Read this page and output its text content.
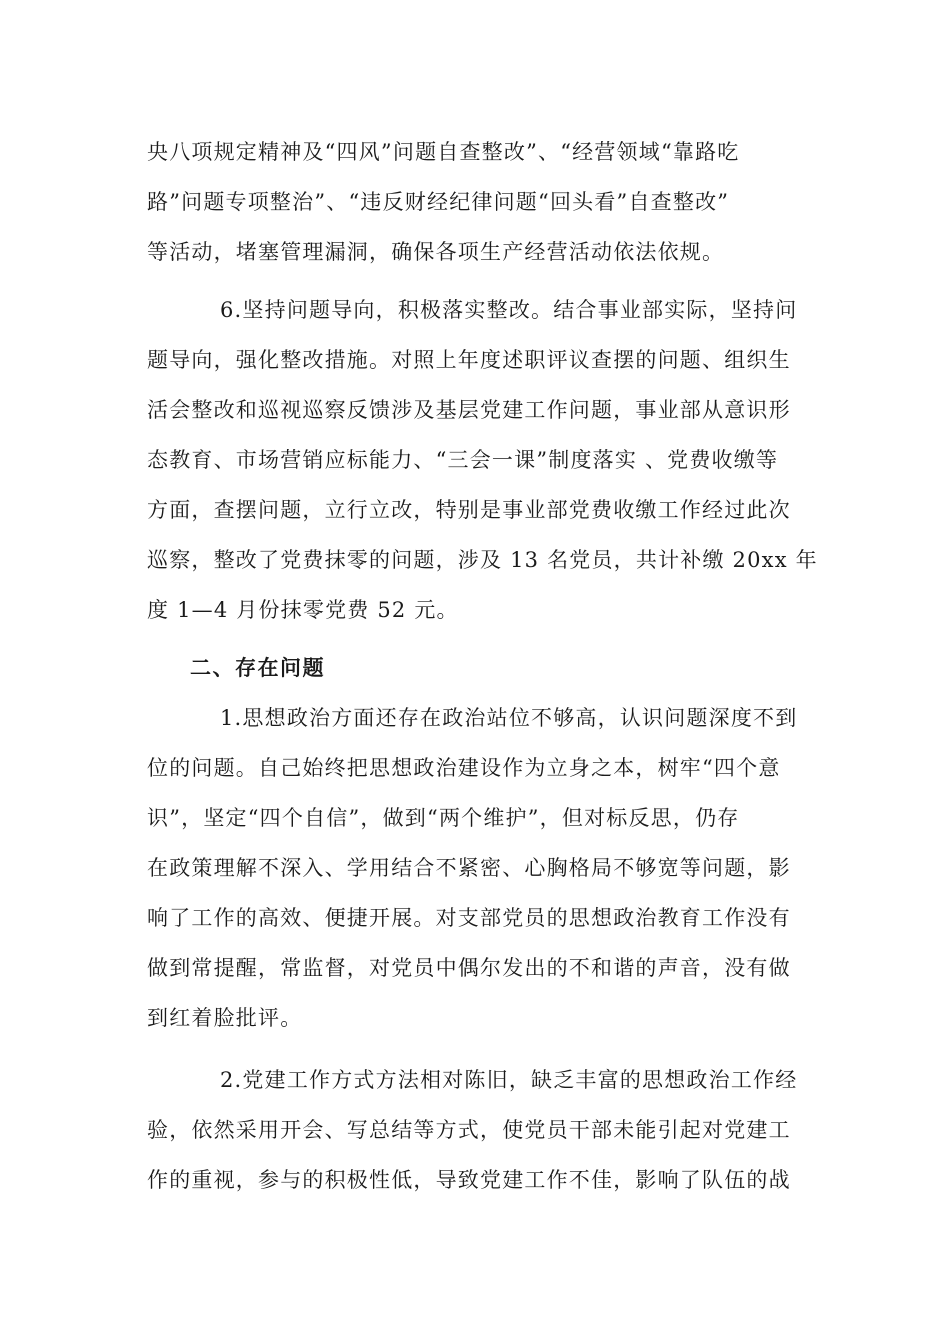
央八项规定精神及“四风”问题自查整改”、“经营领域“靠路吃
路”问题专项整治”、“违反财经纪律问题“回头看”自查整改”
等活动，堵塞管理漏洞，确保各项生产经营活动依法依规。
6.坚持问题导向，积极落实整改。结合事业部实际，坚持问
题导向，强化整改措施。对照上年度述职评议查摆的问题、组织生
活会整改和巡视巡察反馈涉及基层党建工作问题，事业部从意识形
态教育、市场营销应标能力、“三会一课”制度落实 、党费收缴等
方面，查摆问题，立行立改，特别是事业部党费收缴工作经过此次
巡察，整改了党费抹零的问题，涉及 13 名党员，共计补缴 20xx 年
度 1—4 月份抹零党费 52 元。
二、存在问题
1.思想政治方面还存在政治站位不够高，认识问题深度不到
位的问题。自己始终把思想政治建设作为立身之本，树牢“四个意
识”，坚定“四个自信”，做到“两个维护”，但对标反思，仍存
在政策理解不深入、学用结合不紧密、心胸格局不够宽等问题，影
响了工作的高效、便捷开展。对支部党员的思想政治教育工作没有
做到常提醒，常监督，对党员中偶尔发出的不和谐的声音，没有做
到红着脸批评。
2.党建工作方式方法相对陈旧，缺乏丰富的思想政治工作经
验，依然采用开会、写总结等方式，使党员干部未能引起对党建工
作的重视，参与的积极性低，导致党建工作不佳，影响了队伍的战
